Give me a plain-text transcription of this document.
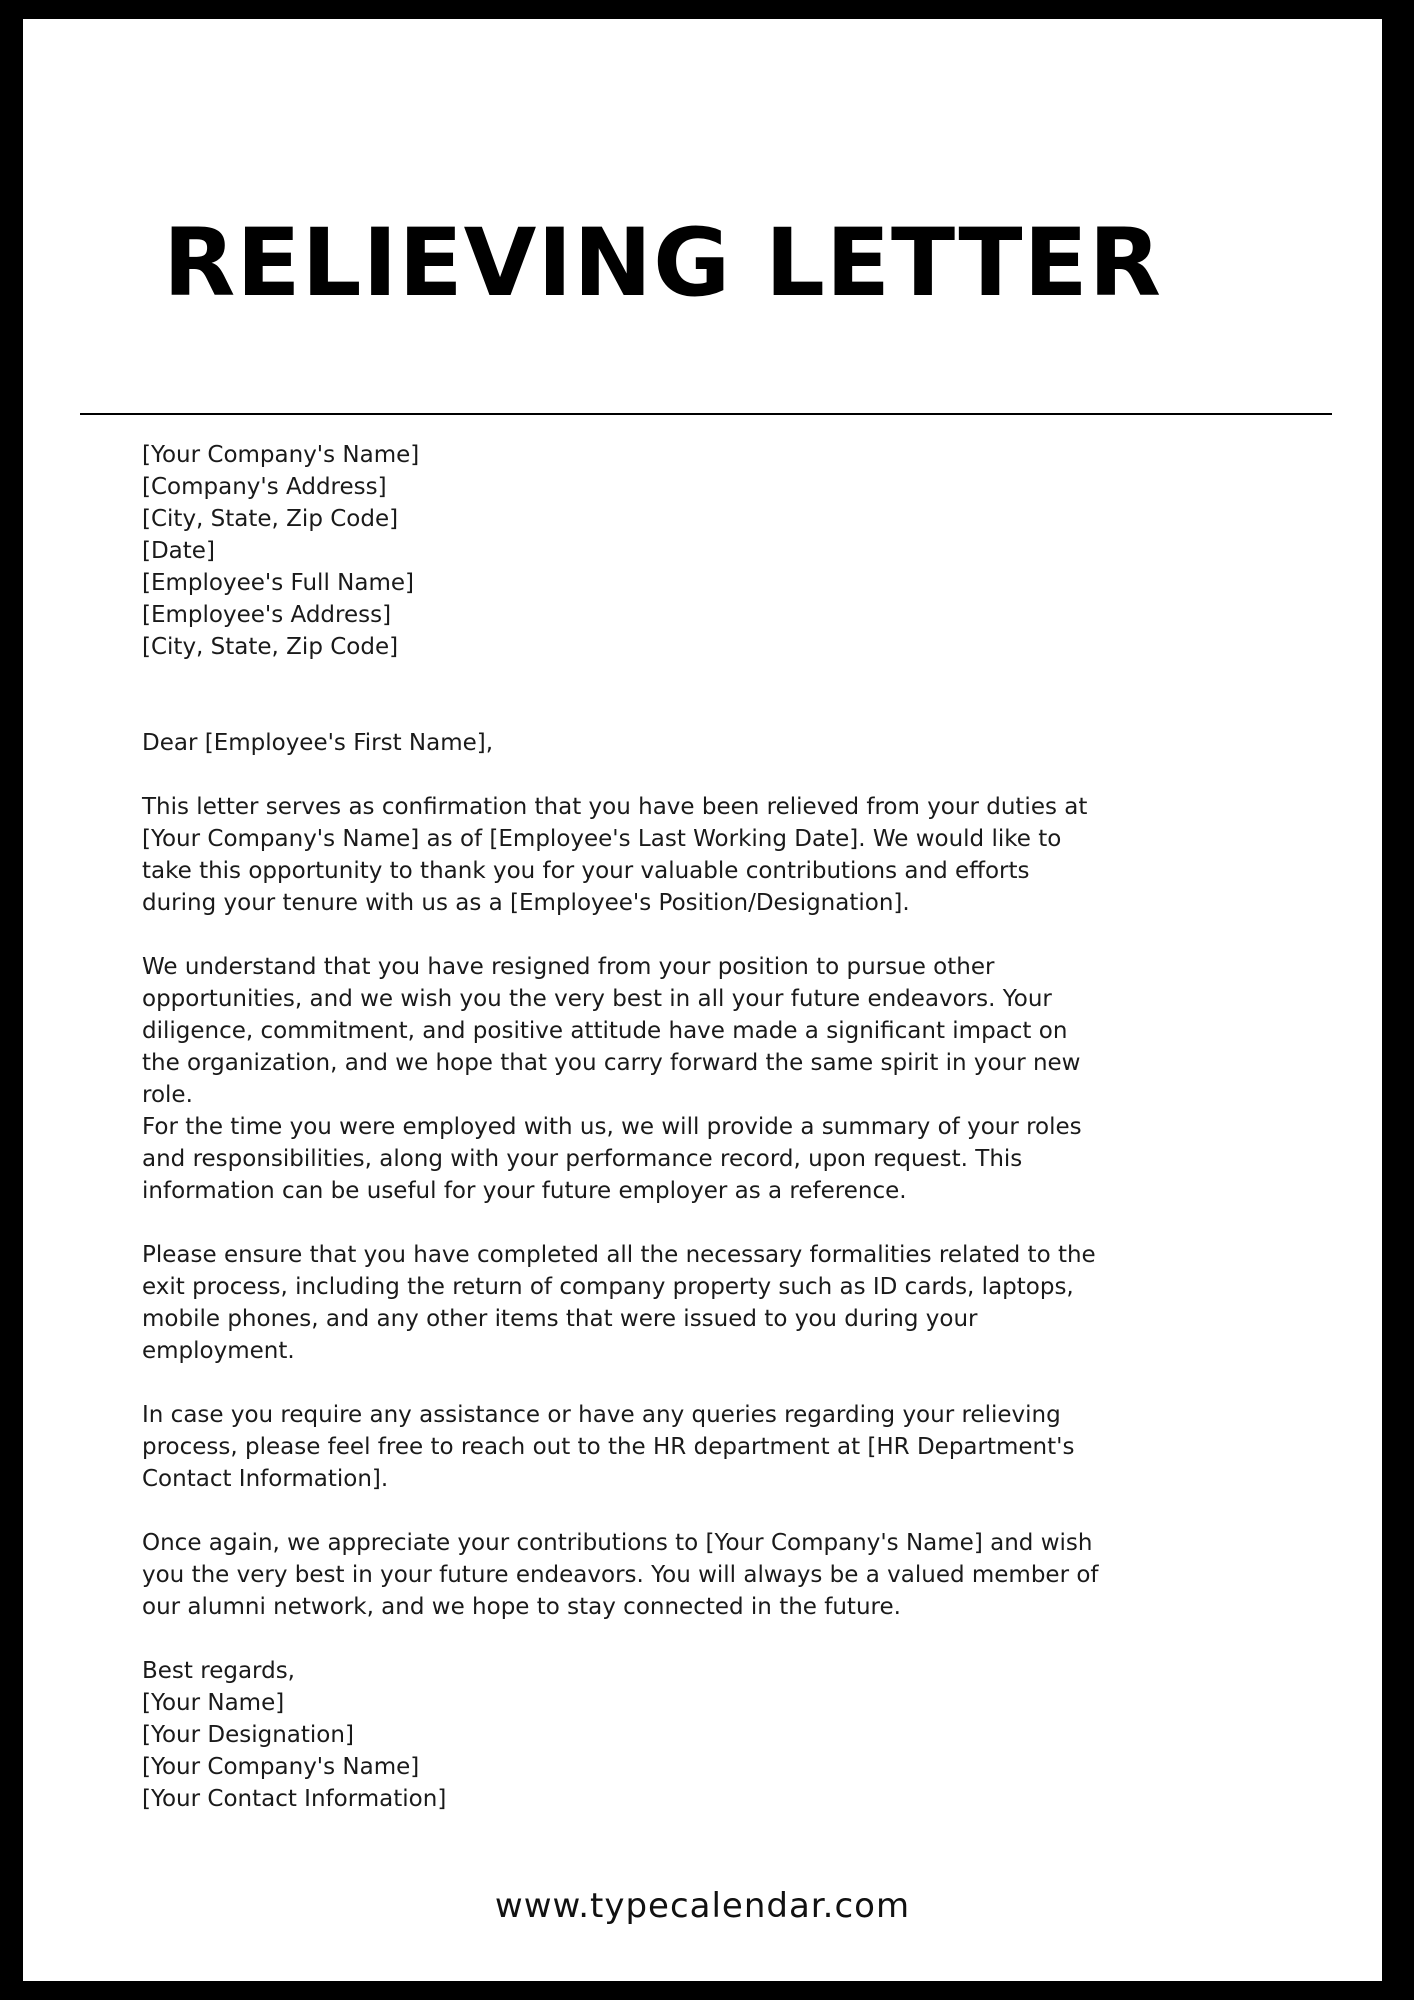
RELIEVING LETTER
[Your Company's Name]
[Company's Address]
[City, State, Zip Code]
[Date]
[Employee's Full Name]
[Employee's Address]
[City, State, Zip Code]
Dear [Employee's First Name],
This letter serves as confirmation that you have been relieved from your duties at
[Your Company's Name] as of [Employee's Last Working Date]. We would like to
take this opportunity to thank you for your valuable contributions and efforts
during your tenure with us as a [Employee's Position/Designation].
We understand that you have resigned from your position to pursue other
opportunities, and we wish you the very best in all your future endeavors. Your
diligence, commitment, and positive attitude have made a significant impact on
the organization, and we hope that you carry forward the same spirit in your new
role.
For the time you were employed with us, we will provide a summary of your roles
and responsibilities, along with your performance record, upon request. This
information can be useful for your future employer as a reference.
Please ensure that you have completed all the necessary formalities related to the
exit process, including the return of company property such as ID cards, laptops,
mobile phones, and any other items that were issued to you during your
employment.
In case you require any assistance or have any queries regarding your relieving
process, please feel free to reach out to the HR department at [HR Department's
Contact Information].
Once again, we appreciate your contributions to [Your Company's Name] and wish
you the very best in your future endeavors. You will always be a valued member of
our alumni network, and we hope to stay connected in the future.
Best regards,
[Your Name]
[Your Designation]
[Your Company's Name]
[Your Contact Information]
www.typecalendar.com
